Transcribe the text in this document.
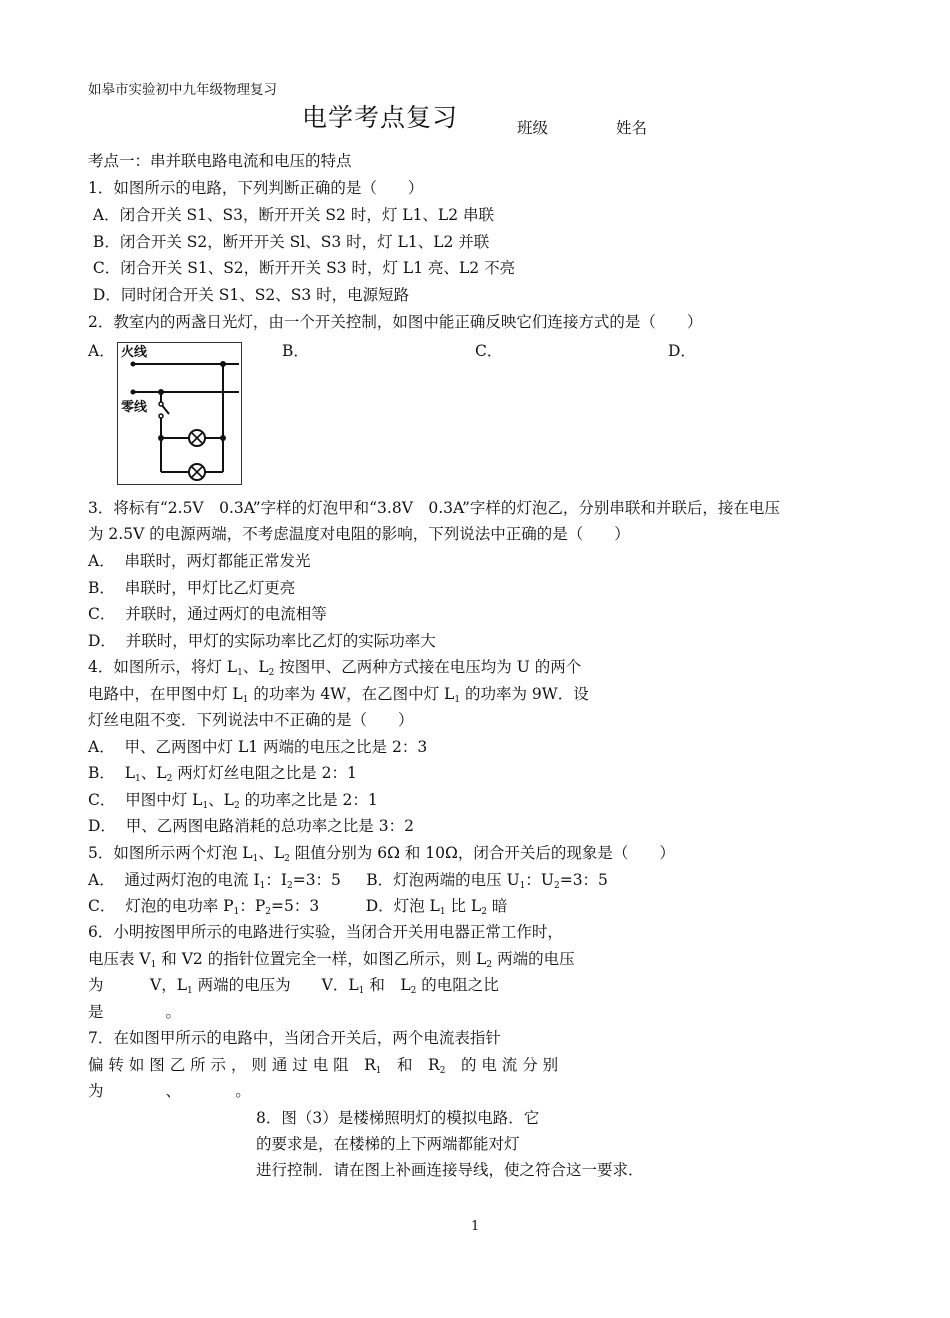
如皋市实验初中九年级物理复习
电学考点复习	班级	姓名
考点一：串并联电路电流和电压的特点
1．如图所示的电路，下列判断正确的是（　　）
A．闭合开关 S1、S3，断开开关 S2 时，灯 L1、L2 串联
B．闭合开关 S2，断开开关 Sl、S3 时，灯 L1、L2 并联
C．闭合开关 S1、S2，断开开关 S3 时，灯 L1 亮、L2 不亮
D．同时闭合开关 S1、S2、S3 时，电源短路
2．教室内的两盏日光灯，由一个开关控制，如图中能正确反映它们连接方式的是（　　）
A．	B．	C．	D．
火线
零线
3．将标有“2.5V　0.3A”字样的灯泡甲和“3.8V　0.3A”字样的灯泡乙，分别串联和并联后，接在电压
为 2.5V 的电源两端，不考虑温度对电阻的影响，下列说法中正确的是（　　）
A．  串联时，两灯都能正常发光
B．  串联时，甲灯比乙灯更亮
C．  并联时，通过两灯的电流相等
D．  并联时，甲灯的实际功率比乙灯的实际功率大
4．如图所示，将灯 $L_1$、$L_2$ 按图甲、乙两种方式接在电压均为 U 的两个
电路中，在甲图中灯 $L_1$ 的功率为 4W，在乙图中灯 $L_1$ 的功率为 9W．设
灯丝电阻不变．下列说法中不正确的是（　　）
A．  甲、乙两图中灯 L1 两端的电压之比是 2：3
B．  $L_1$、$L_2$ 两灯灯丝电阻之比是 2：1
C．  甲图中灯 $L_1$、$L_2$ 的功率之比是 2：1
D．  甲、乙两图电路消耗的总功率之比是 3：2
5．如图所示两个灯泡 $L_1$、$L_2$ 阻值分别为 6Ω 和 10Ω，闭合开关后的现象是（　　）
A．  通过两灯泡的电流 $I_1$：$I_2=3$：5　  B．灯泡两端的电压 $U_1$：$U_2=3$：5
C．  灯泡的电功率 $P_1$：$P_2=5$：3　　　D．灯泡 $L_1$ 比 $L_2$ 暗
6．小明按图甲所示的电路进行实验，当闭合开关用电器正常工作时，
电压表 $V_1$ 和 V2 的指针位置完全一样，如图乙所示，则 $L_2$ 两端的电压
为　　　V，$L_1$ 两端的电压为　　V．$L_1$ 和　$L_2$ 的电阻之比
是　　　　。
7．在如图甲所示的电路中，当闭合开关后，两个电流表指针
偏 转 如 图 乙 所 示 ， 则 通 过 电 阻　$R_1$　和　$R_2$　的 电 流 分 别
为　　　　、　　　　。
8．图（3）是楼梯照明灯的模拟电路．它
的要求是，在楼梯的上下两端都能对灯
进行控制．请在图上补画连接导线，使之符合这一要求．
1
